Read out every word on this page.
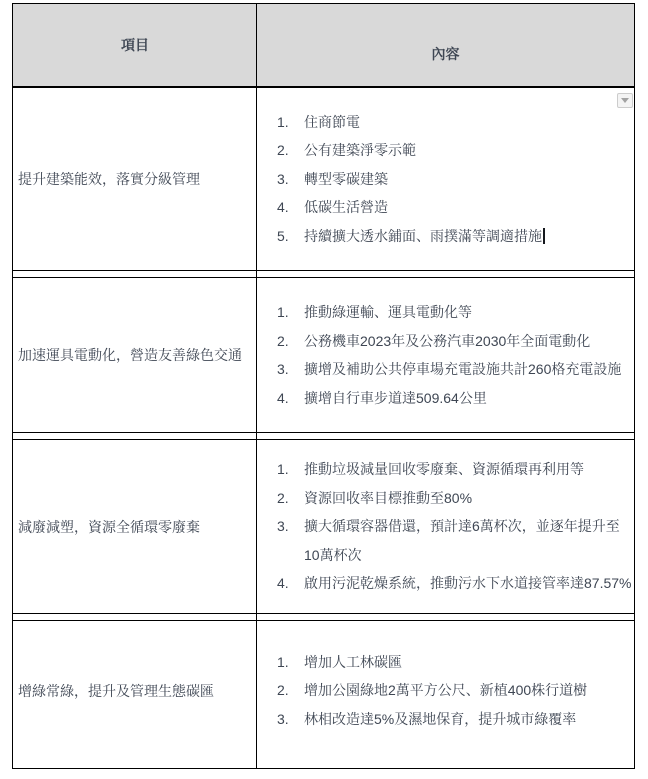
項目
內容
提升建築能效，落實分級管理
1. 住商節電
2. 公有建築淨零示範
3. 轉型零碳建築
4. 低碳生活營造
5. 持續擴大透水鋪面、雨撲滿等調適措施
加速運具電動化，營造友善綠色交通
1. 推動綠運輸、運具電動化等
2. 公務機車2023年及公務汽車2030年全面電動化
3. 擴增及補助公共停車場充電設施共計260格充電設施
4. 擴增自行車步道達509.64公里
減廢減塑，資源全循環零廢棄
1. 推動垃圾減量回收零廢棄、資源循環再利用等
2. 資源回收率目標推動至80%
3. 擴大循環容器借還，預計達6萬杯次，並逐年提升至10萬杯次
4. 啟用污泥乾燥系統，推動污水下水道接管率達87.57%
增綠常綠，提升及管理生態碳匯
1. 增加人工林碳匯
2. 增加公園綠地2萬平方公尺、新植400株行道樹
3. 林相改造達5%及濕地保育，提升城市綠覆率
